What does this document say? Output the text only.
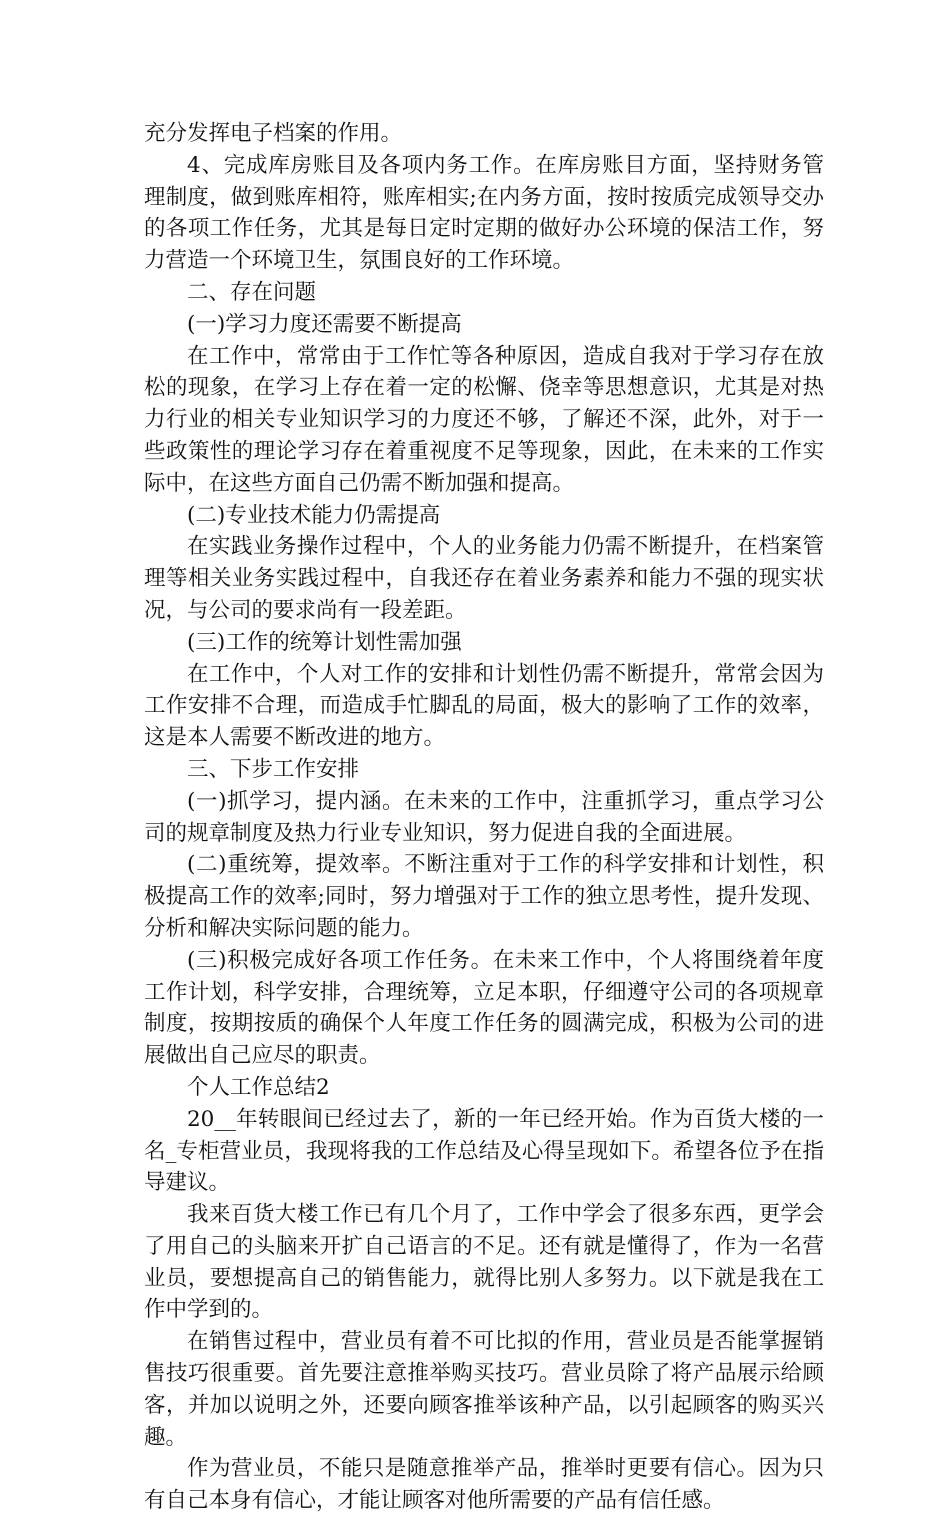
充分发挥电子档案的作用。

4、完成库房账目及各项内务工作。在库房账目方面，坚持财务管理制度，做到账库相符，账库相实;在内务方面，按时按质完成领导交办的各项工作任务，尤其是每日定时定期的做好办公环境的保洁工作，努力营造一个环境卫生，氛围良好的工作环境。

二、存在问题

(一)学习力度还需要不断提高

在工作中，常常由于工作忙等各种原因，造成自我对于学习存在放松的现象，在学习上存在着一定的松懈、侥幸等思想意识，尤其是对热力行业的相关专业知识学习的力度还不够，了解还不深，此外，对于一些政策性的理论学习存在着重视度不足等现象，因此，在未来的工作实际中，在这些方面自己仍需不断加强和提高。

(二)专业技术能力仍需提高

在实践业务操作过程中，个人的业务能力仍需不断提升，在档案管理等相关业务实践过程中，自我还存在着业务素养和能力不强的现实状况，与公司的要求尚有一段差距。

(三)工作的统筹计划性需加强

在工作中，个人对工作的安排和计划性仍需不断提升，常常会因为工作安排不合理，而造成手忙脚乱的局面，极大的影响了工作的效率，这是本人需要不断改进的地方。

三、下步工作安排

(一)抓学习，提内涵。在未来的工作中，注重抓学习，重点学习公司的规章制度及热力行业专业知识，努力促进自我的全面进展。

(二)重统筹，提效率。不断注重对于工作的科学安排和计划性，积极提高工作的效率;同时，努力增强对于工作的独立思考性，提升发现、分析和解决实际问题的能力。

(三)积极完成好各项工作任务。在未来工作中，个人将围绕着年度工作计划，科学安排，合理统筹，立足本职，仔细遵守公司的各项规章制度，按期按质的确保个人年度工作任务的圆满完成，积极为公司的进展做出自己应尽的职责。

个人工作总结2

20__年转眼间已经过去了，新的一年已经开始。作为百货大楼的一名_专柜营业员，我现将我的工作总结及心得呈现如下。希望各位予在指导建议。

我来百货大楼工作已有几个月了，工作中学会了很多东西，更学会了用自己的头脑来开扩自己语言的不足。还有就是懂得了，作为一名营业员，要想提高自己的销售能力，就得比别人多努力。以下就是我在工作中学到的。

在销售过程中，营业员有着不可比拟的作用，营业员是否能掌握销售技巧很重要。首先要注意推举购买技巧。营业员除了将产品展示给顾客，并加以说明之外，还要向顾客推举该种产品，以引起顾客的购买兴趣。

作为营业员，不能只是随意推举产品，推举时更要有信心。因为只有自己本身有信心，才能让顾客对他所需要的产品有信任感。
